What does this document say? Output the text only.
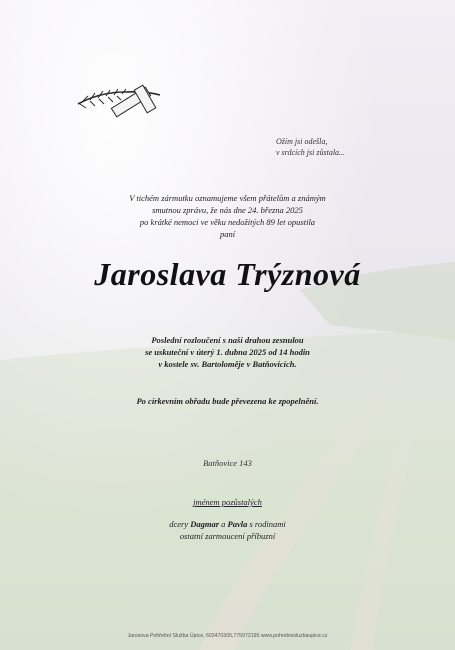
Ožím jsi odešla,
v srdcích jsi zůstala...
V tichém zármutku oznamujeme všem přátelům a známým
smutnou zprávu, že nás dne 24. března 2025
po krátké nemoci ve věku nedožitých 89 let opustila
paní
Jaroslava Trýznová
Poslední rozloučení s naší drahou zesnulou
se uskuteční v úterý 1. dubna 2025 od 14 hodin
v kostele sv. Bartoloměje v Batňovicích.
Po církevním obřadu bude převezena ke zpopelnění.
Batňovice 143
jménem pozůstalých
dcery Dagmar a Pavla s rodinami
ostatní zarmoucení příbuzní
Jarosova Pohřební Služba Úpice, 603470305,775972195 www.pohrebnisluzbaupice.cz
·· ·· ··
